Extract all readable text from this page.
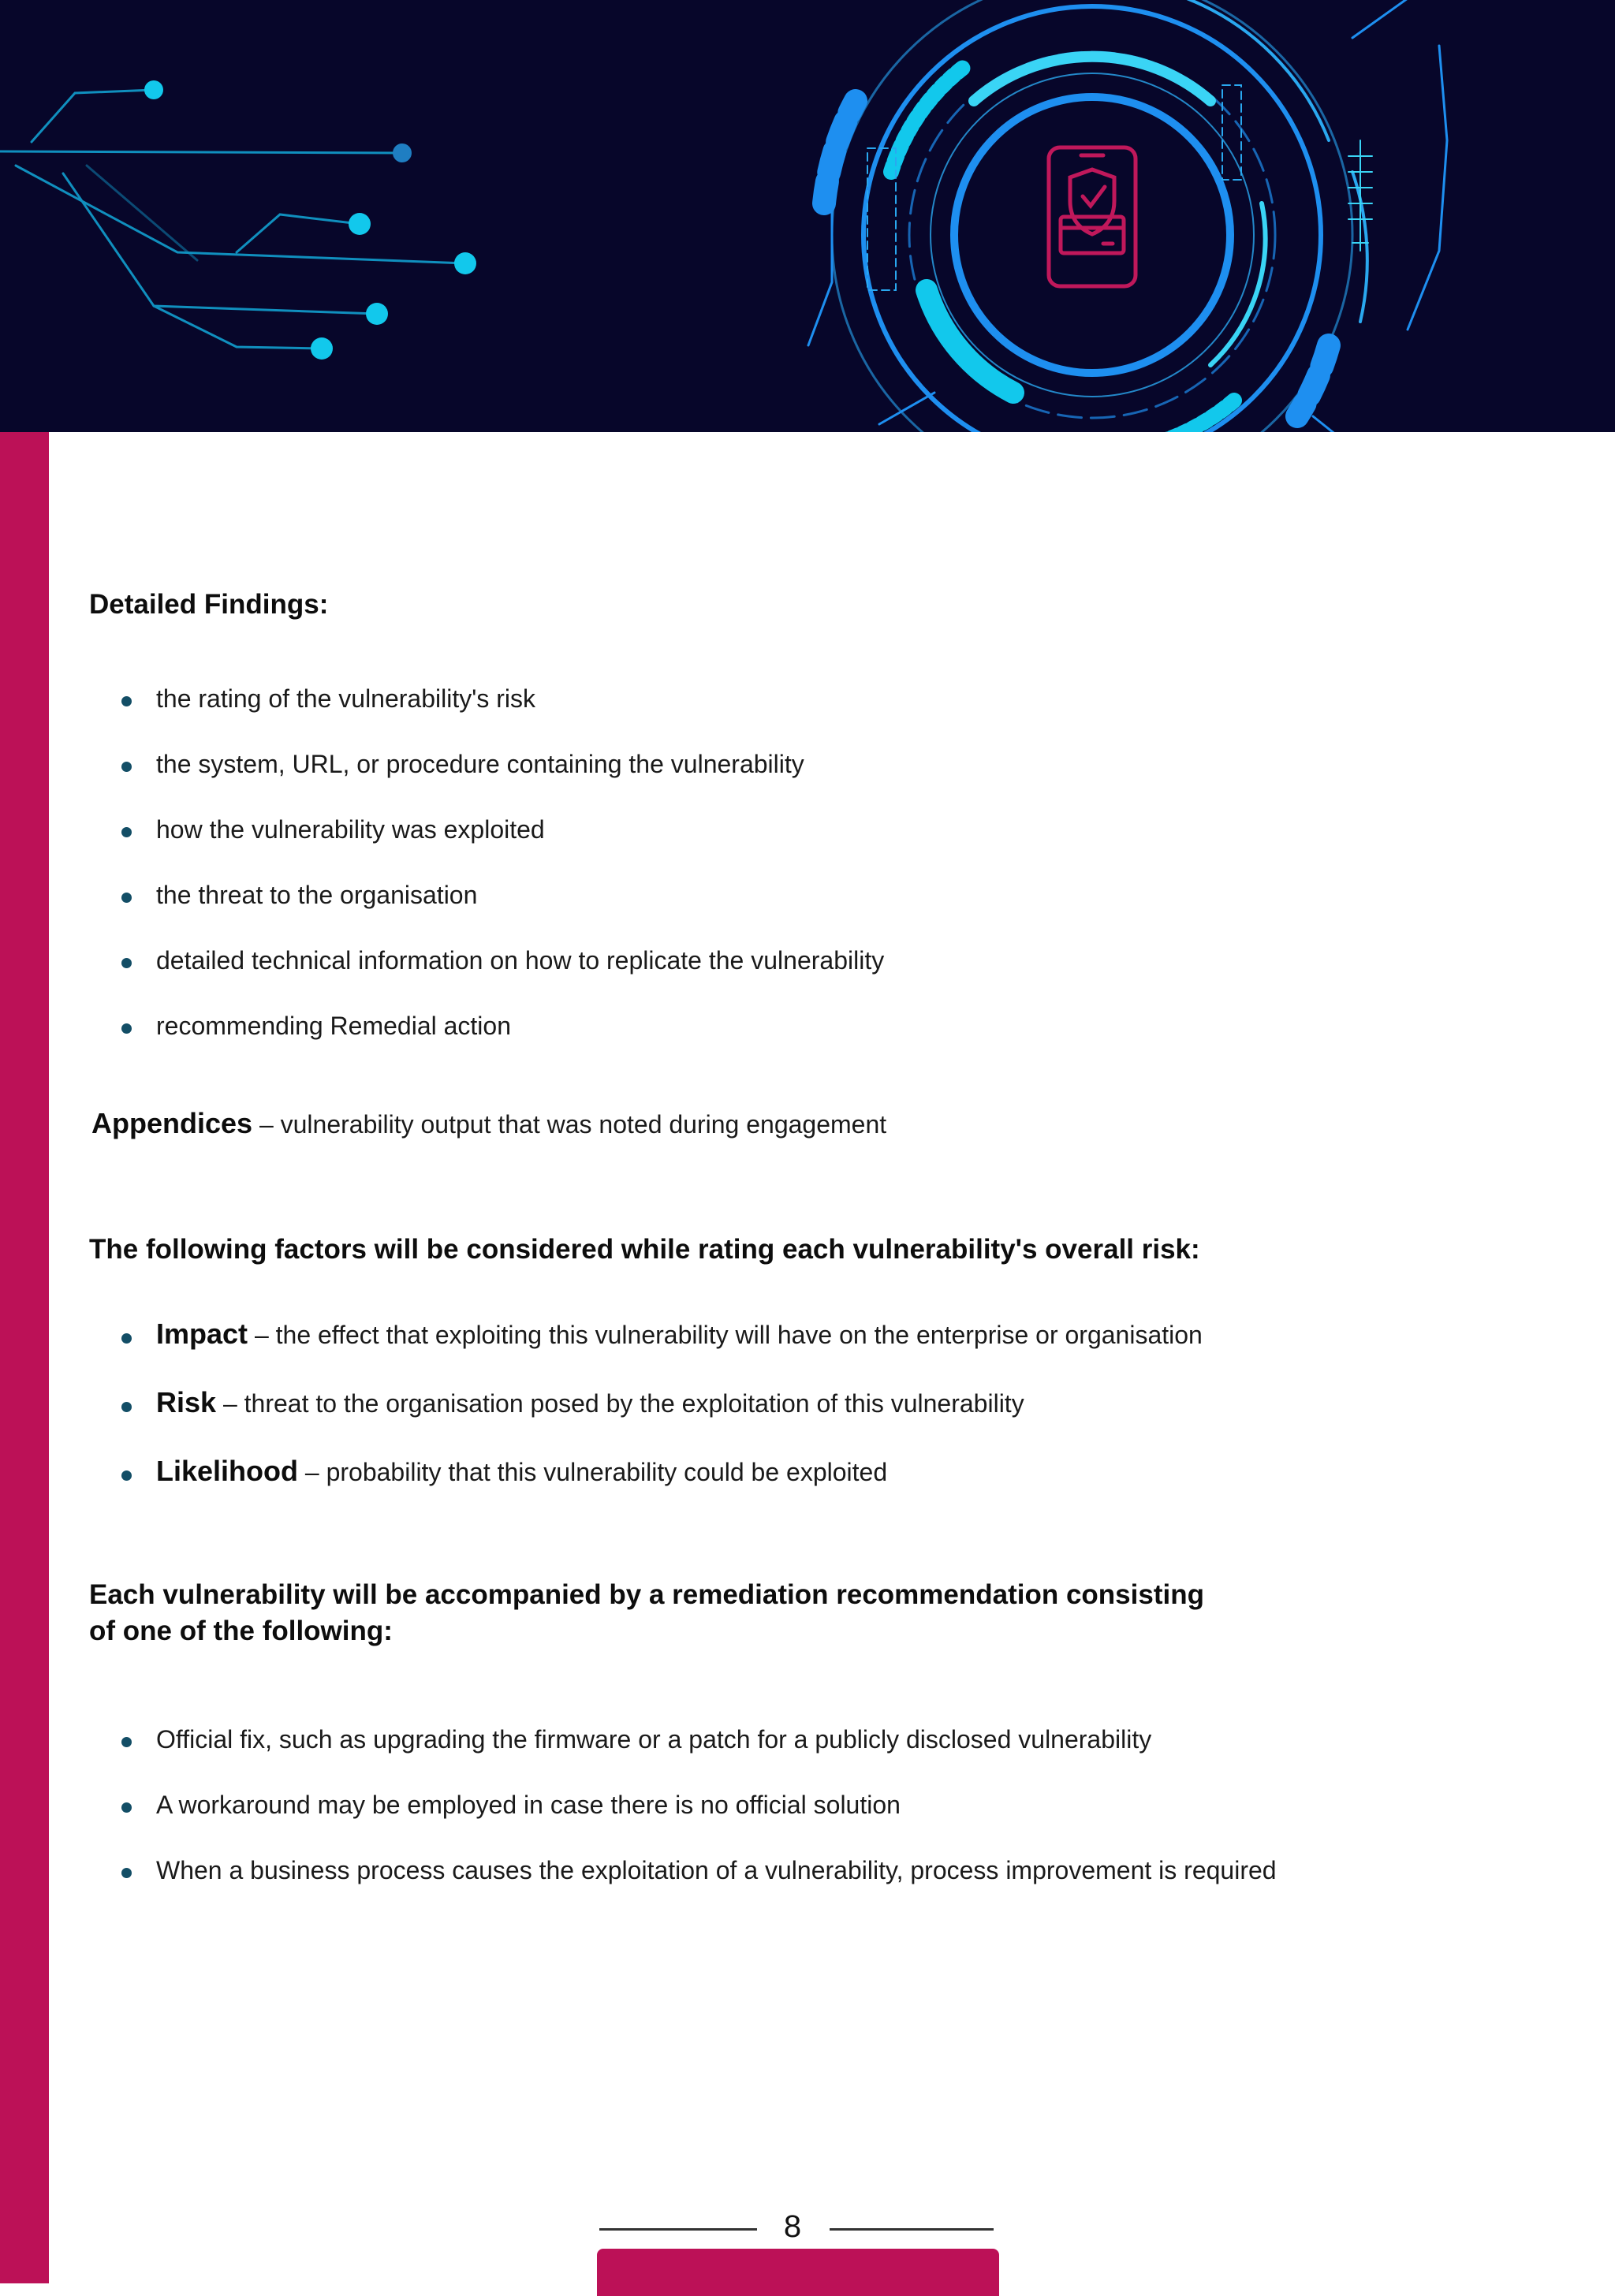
Detailed Findings:
the rating of the vulnerability's risk
the system, URL, or procedure containing the vulnerability
how the vulnerability was exploited
the threat to the organisation
detailed technical information on how to replicate the vulnerability
recommending Remedial action
Appendices – vulnerability output that was noted during engagement
The following factors will be considered while rating each vulnerability's overall risk:
Impact – the effect that exploiting this vulnerability will have on the enterprise or organisation
Risk – threat to the organisation posed by the exploitation of this vulnerability
Likelihood – probability that this vulnerability could be exploited
Each vulnerability will be accompanied by a remediation recommendation consisting
of one of the following:
Official fix, such as upgrading the firmware or a patch for a publicly disclosed vulnerability
A workaround may be employed in case there is no official solution
When a business process causes the exploitation of a vulnerability, process improvement is required
8
